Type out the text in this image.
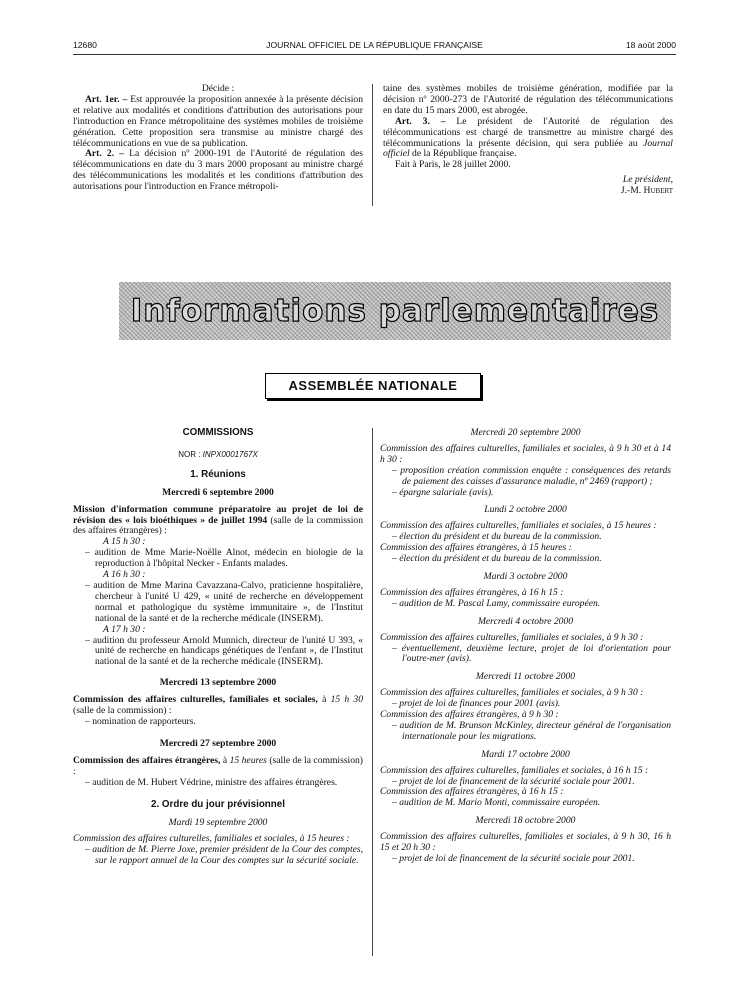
12680	JOURNAL OFFICIEL DE LA RÉPUBLIQUE FRANÇAISE	18 août 2000

Décide :

Art. 1er. – Est approuvée la proposition annexée à la présente décision et relative aux modalités et conditions d'attribution des autorisations pour l'introduction en France métropolitaine des systèmes mobiles de troisième génération. Cette proposition sera transmise au ministre chargé des télécommunications en vue de sa publication.

Art. 2. – La décision nº 2000-191 de l'Autorité de régulation des télécommunications en date du 3 mars 2000 proposant au ministre chargé des télécommunications les modalités et les conditions d'attribution des autorisations pour l'introduction en France métropoli-

taine des systèmes mobiles de troisième génération, modifiée par la décision nº 2000-273 de l'Autorité de régulation des télécommunications en date du 15 mars 2000, est abrogée.

Art. 3. – Le président de l'Autorité de régulation des télécommunications est chargé de transmettre au ministre chargé des télécommunications la présente décision, qui sera publiée au Journal officiel de la République française.

Fait à Paris, le 28 juillet 2000.

Le président,

J.-M. Hubert

Informations parlementaires
ASSEMBLÉE NATIONALE

COMMISSIONS

NOR : INPX0001767X

1. Réunions

Mercredi 6 septembre 2000

Mission d'information commune préparatoire au projet de loi de révision des « lois bioéthiques » de juillet 1994 (salle de la commission des affaires étrangères) :

A 15 h 30 :

– audition de Mme Marie-Noëlle Alnot, médecin en biologie de la reproduction à l'hôpital Necker - Enfants malades.

A 16 h 30 :

– audition de Mme Marina Cavazzana-Calvo, praticienne hospitalière, chercheur à l'unité U 429, « unité de recherche en développement normal et pathologique du système immunitaire », de l'Institut national de la santé et de la recherche médicale (INSERM).

A 17 h 30 :

– audition du professeur Arnold Munnich, directeur de l'unité U 393, « unité de recherche en handicaps génétiques de l'enfant », de l'Institut national de la santé et de la recherche médicale (INSERM).

Mercredi 13 septembre 2000

Commission des affaires culturelles, familiales et sociales, à 15 h 30 (salle de la commission) :

– nomination de rapporteurs.

Mercredi 27 septembre 2000

Commission des affaires étrangères, à 15 heures (salle de la commission) :

– audition de M. Hubert Védrine, ministre des affaires étrangères.

2. Ordre du jour prévisionnel

Mardi 19 septembre 2000

Commission des affaires culturelles, familiales et sociales, à 15 heures :

– audition de M. Pierre Joxe, premier président de la Cour des comptes, sur le rapport annuel de la Cour des comptes sur la sécurité sociale.

Mercredi 20 septembre 2000

Commission des affaires culturelles, familiales et sociales, à 9 h 30 et à 14 h 30 :

– proposition création commission enquête : conséquences des retards de paiement des caisses d'assurance maladie, nº 2469 (rapport) ;

– épargne salariale (avis).

Lundi 2 octobre 2000

Commission des affaires culturelles, familiales et sociales, à 15 heures :

– élection du président et du bureau de la commission.

Commission des affaires étrangères, à 15 heures :

– élection du président et du bureau de la commission.

Mardi 3 octobre 2000

Commission des affaires étrangères, à 16 h 15 :

– audition de M. Pascal Lamy, commissaire européen.

Mercredi 4 octobre 2000

Commission des affaires culturelles, familiales et sociales, à 9 h 30 :

– éventuellement, deuxième lecture, projet de loi d'orientation pour l'outre-mer (avis).

Mercredi 11 octobre 2000

Commission des affaires culturelles, familiales et sociales, à 9 h 30 :

– projet de loi de finances pour 2001 (avis).

Commission des affaires étrangères, à 9 h 30 :

– audition de M. Brunson McKinley, directeur général de l'organisation internationale pour les migrations.

Mardi 17 octobre 2000

Commission des affaires culturelles, familiales et sociales, à 16 h 15 :

– projet de loi de financement de la sécurité sociale pour 2001.

Commission des affaires étrangères, à 16 h 15 :

– audition de M. Mario Monti, commissaire européen.

Mercredi 18 octobre 2000

Commission des affaires culturelles, familiales et sociales, à 9 h 30, 16 h 15 et 20 h 30 :

– projet de loi de financement de la sécurité sociale pour 2001.
